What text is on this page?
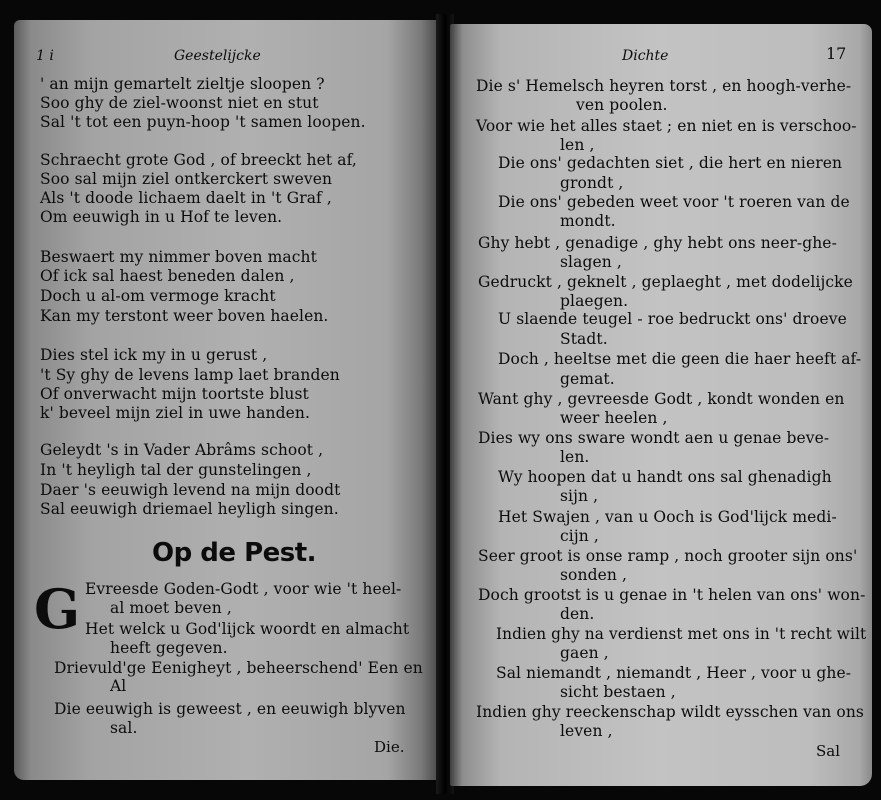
1 i	Geestelijcke
' an mijn gemartelt zieltje sloopen ?
Soo ghy de ziel-woonst niet en stut
Sal 't tot een puyn-hoop 't samen loopen.
Schraecht grote God , of breeckt het af,
Soo sal mijn ziel ontkerckert sweven
Als 't doode lichaem daelt in 't Graf ,
Om eeuwigh in u Hof te leven.
Beswaert my nimmer boven macht
Of ick sal haest beneden dalen ,
Doch u al-om vermoge kracht
Kan my terstont weer boven haelen.
Dies stel ick my in u gerust ,
't Sy ghy de levens lamp laet branden
Of onverwacht mijn toortste blust
k' beveel mijn ziel in uwe handen.
Geleydt 's in Vader Abrâms schoot ,
In 't heyligh tal der gunstelingen ,
Daer 's eeuwigh levend na mijn doodt
Sal eeuwigh driemael heyligh singen.
Op de Pest.
G Evreesde Goden-Godt , voor wie 't heel-
al moet beven ,
Het welck u God'lijck woordt en almacht
heeft gegeven.
Drievuld'ge Eenigheyt , beheerschend' Een en
Al
Die eeuwigh is geweest , en eeuwigh blyven
sal.
Die.
Dichte	17
Die s' Hemelsch heyren torst , en hoogh-verhe-
ven poolen.
Voor wie het alles staet ; en niet en is verschoo-
len ,
Die ons' gedachten siet , die hert en nieren
grondt ,
Die ons' gebeden weet voor 't roeren van de
mondt.
Ghy hebt , genadige , ghy hebt ons neer-ghe-
slagen ,
Gedruckt , geknelt , geplaeght , met dodelijcke
plaegen.
U slaende teugel - roe bedruckt ons' droeve
Stadt.
Doch , heeltse met die geen die haer heeft af-
gemat.
Want ghy , gevreesde Godt , kondt wonden en
weer heelen ,
Dies wy ons sware wondt aen u genae beve-
len.
Wy hoopen dat u handt ons sal ghenadigh
sijn ,
Het Swajen , van u Ooch is God'lijck medi-
cijn ,
Seer groot is onse ramp , noch grooter sijn ons'
sonden ,
Doch grootst is u genae in 't helen van ons' won-
den.
Indien ghy na verdienst met ons in 't recht wilt
gaen ,
Sal niemandt , niemandt , Heer , voor u ghe-
sicht bestaen ,
Indien ghy reeckenschap wildt eysschen van ons
leven ,
Sal
